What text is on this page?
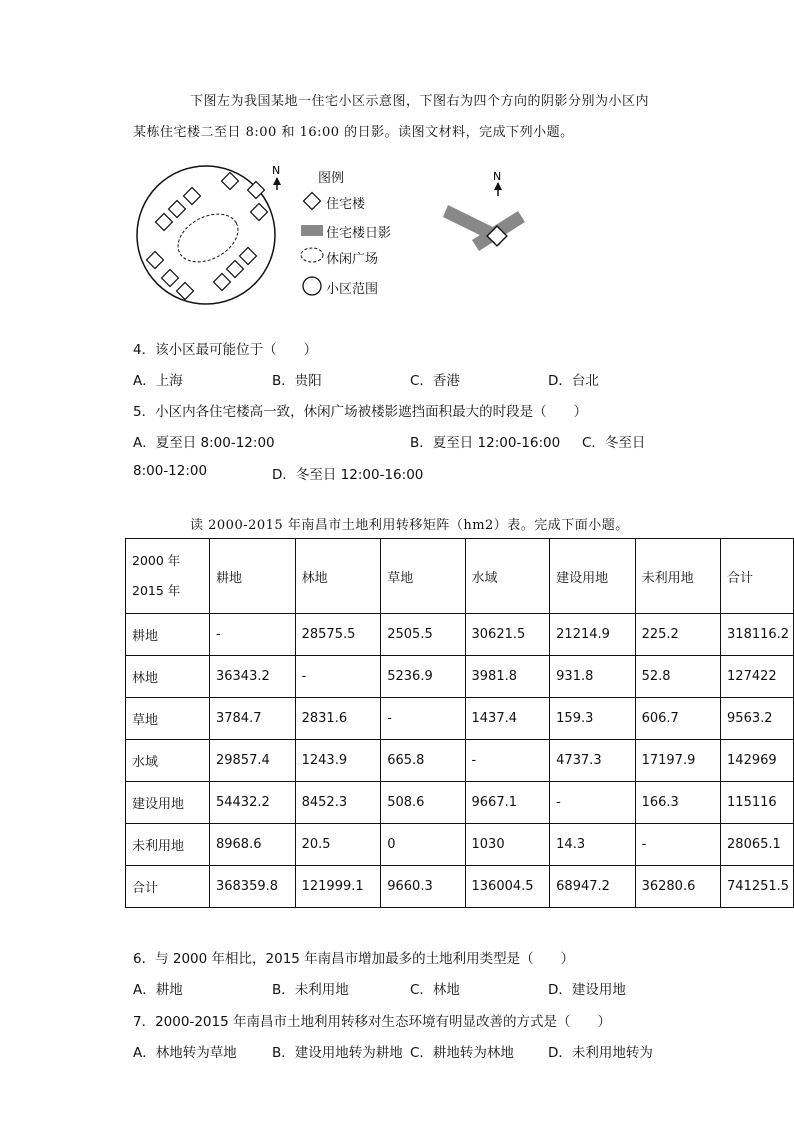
下图左为我国某地一住宅小区示意图，下图右为四个方向的阴影分别为小区内
某栋住宅楼二至日 8:00 和 16:00 的日影。读图文材料，完成下列小题。
N	N
图例
住宅楼
住宅楼日影
休闲广场
小区范围
4．该小区最可能位于（　　）
A．上海	B．贵阳	C．香港	D．台北
5．小区内各住宅楼高一致，休闲广场被楼影遮挡面积最大的时段是（　　）
A．夏至日 8:00-12:00	B．夏至日 12:00-16:00 C．冬至日
8:00-12:00	D．冬至日 12:00-16:00
读 2000-2015 年南昌市土地利用转移矩阵（hm2）表。完成下面小题。
2000 年
2015 年	耕地	林地	草地	水域	建设用地	未利用地	合计
耕地	-	28575.5	2505.5	30621.5	21214.9	225.2	318116.2
林地	36343.2	-	5236.9	3981.8	931.8	52.8	127422
草地	3784.7	2831.6	-	1437.4	159.3	606.7	9563.2
水域	29857.4	1243.9	665.8	-	4737.3	17197.9	142969
建设用地	54432.2	8452.3	508.6	9667.1	-	166.3	115116
未利用地	8968.6	20.5	0	1030	14.3	-	28065.1
合计	368359.8	121999.1	9660.3	136004.5	68947.2	36280.6	741251.5
6．与 2000 年相比，2015 年南昌市增加最多的土地利用类型是（　　）
A．耕地	B．未利用地	C．林地	D．建设用地
7．2000-2015 年南昌市土地利用转移对生态环境有明显改善的方式是（　　）
A．林地转为草地	B．建设用地转为耕地 C．耕地转为林地	D．未利用地转为
